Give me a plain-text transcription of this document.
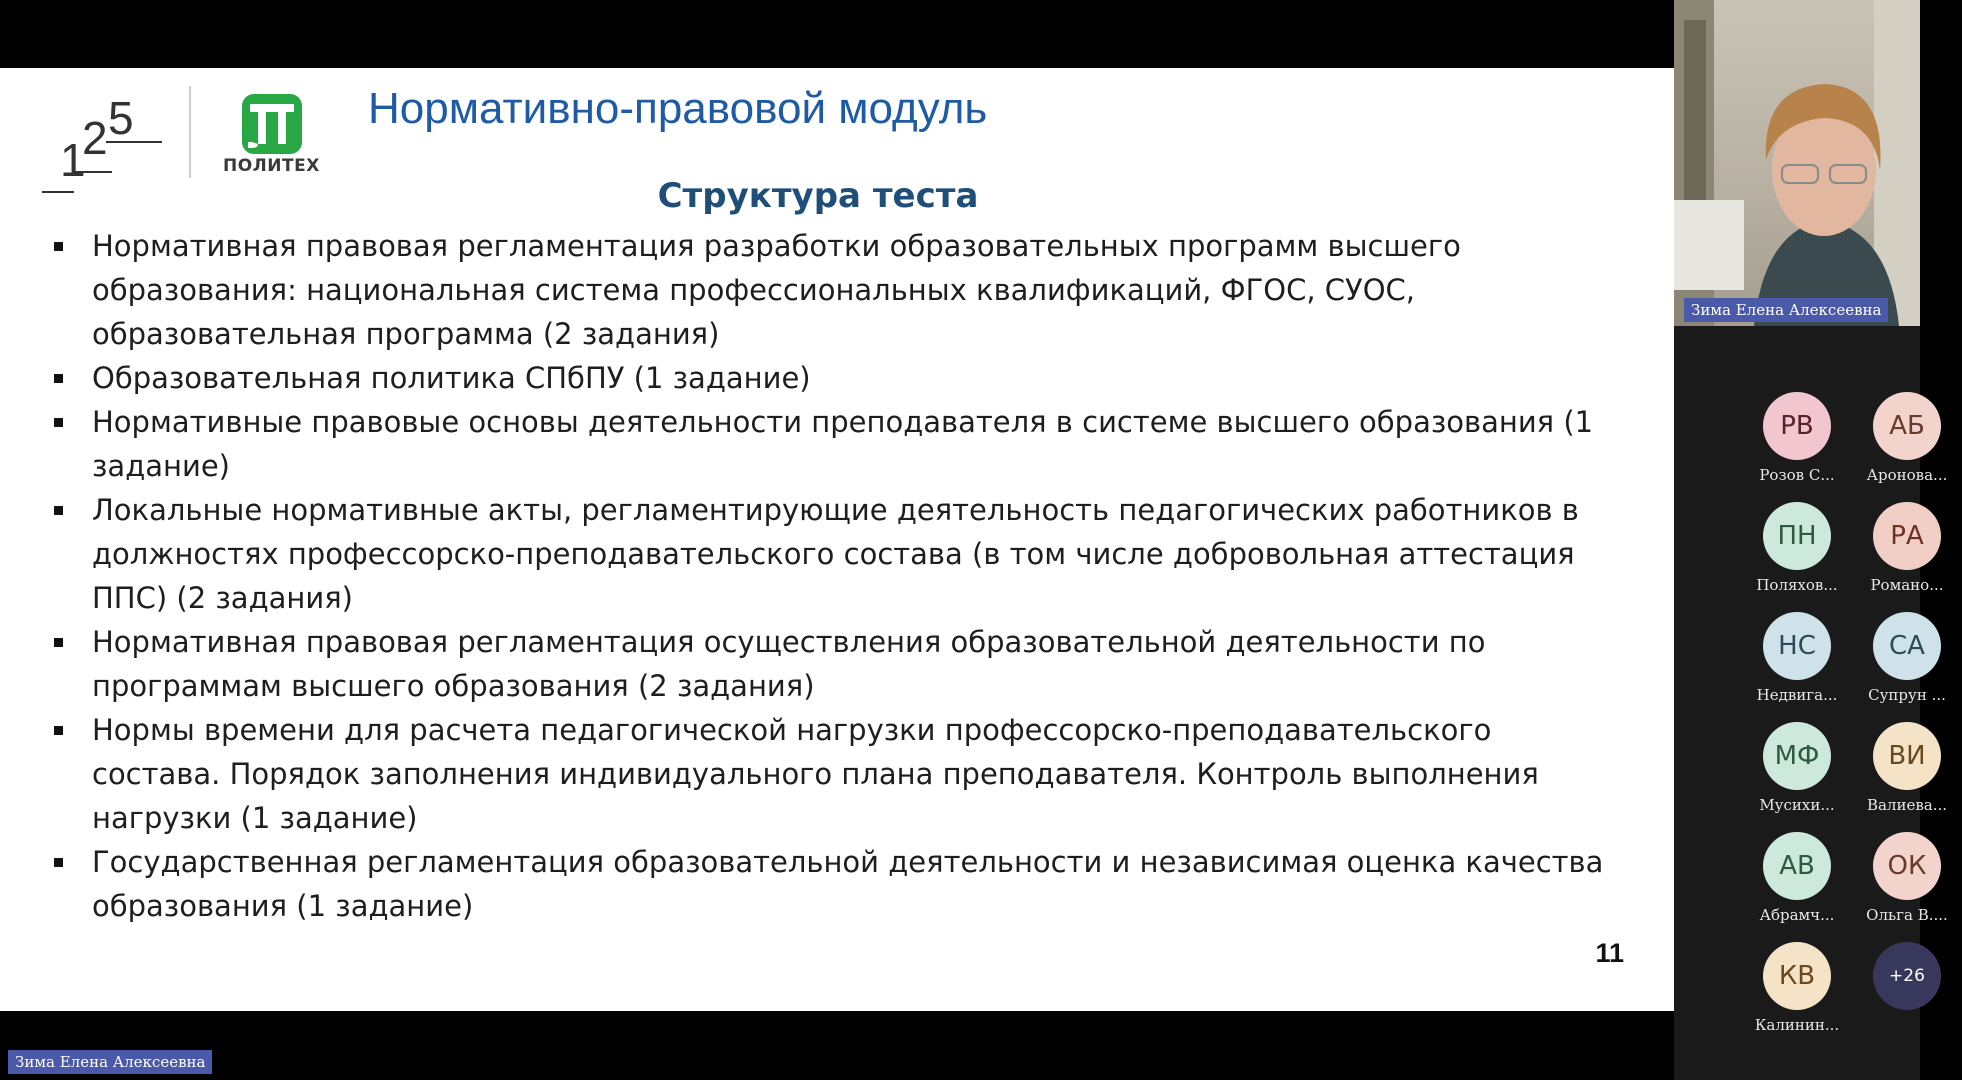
1
2 5
ПОЛИТЕХ
Нормативно-правовой модуль
Структура теста
Нормативная правовая регламентация разработки образовательных программ высшего образования: национальная система профессиональных квалификаций, ФГОС, СУОС, образовательная программа (2 задания)
Образовательная политика СПбПУ (1 задание)
Нормативные правовые основы деятельности преподавателя в системе высшего образования (1 задание)
Локальные нормативные акты, регламентирующие деятельность педагогических работников в должностях профессорско-преподавательского состава (в том числе добровольная аттестация ППС) (2 задания)
Нормативная правовая регламентация осуществления образовательной деятельности по программам высшего образования (2 задания)
Нормы времени для расчета педагогической нагрузки профессорско-преподавательского состава. Порядок заполнения индивидуального плана преподавателя. Контроль выполнения нагрузки (1 задание)
Государственная регламентация образовательной деятельности и независимая оценка качества образования (1 задание)
11
Зима Елена Алексеевна
РВ
Розов С...
АБ
Аронова...
ПН
Поляхов...
РА
Романо...
НС
Недвига...
СА
Супрун ...
МФ
Мусихи...
ВИ
Валиева...
АВ
Абрамч...
ОК
Ольга В....
КВ
Калинин...
+26
Зима Елена Алексеевна
